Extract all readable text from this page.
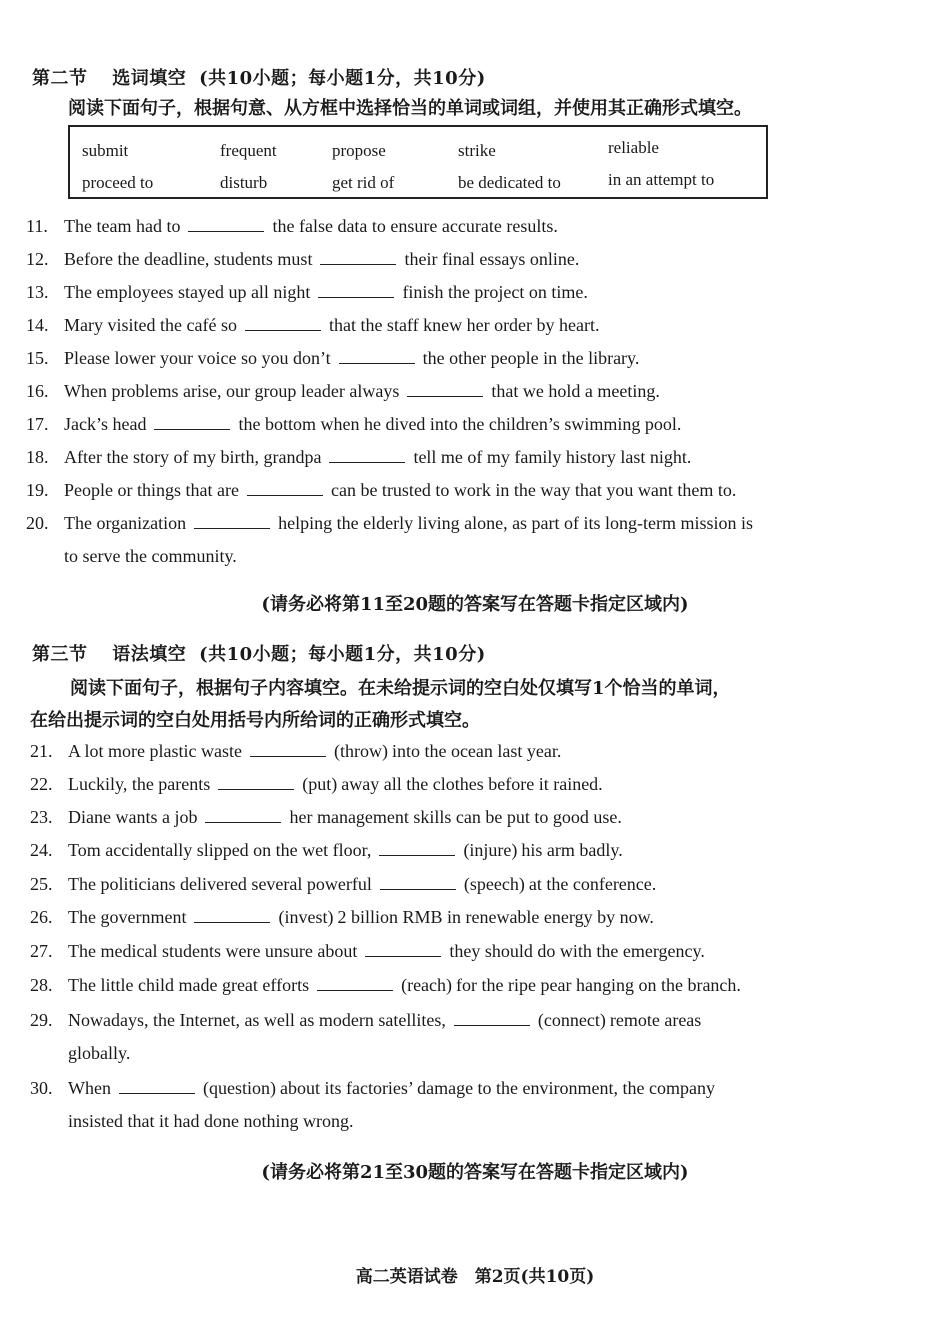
第二节 选词填空 (共10小题；每小题1分，共10分)
阅读下面句子，根据句意、从方框中选择恰当的单词或词组，并使用其正确形式填空。
submit	frequent	propose	strike	reliable
proceed to	disturb	get rid of	be dedicated to	in an attempt to
11. The team had to	the false data to ensure accurate results.
12. Before the deadline, students must	their final essays online.
13. The employees stayed up all night	finish the project on time.
14. Mary visited the café so	that the staff knew her order by heart.
15. Please lower your voice so you don’t	the other people in the library.
16. When problems arise, our group leader always	that we hold a meeting.
17. Jack’s head	the bottom when he dived into the children’s swimming pool.
18. After the story of my birth, grandpa	tell me of my family history last night.
19. People or things that are	can be trusted to work in the way that you want them to.
20. The organization	helping the elderly living alone, as part of its long-term mission is
to serve the community.
(请务必将第11至20题的答案写在答题卡指定区域内)
第三节 语法填空 (共10小题；每小题1分，共10分)
阅读下面句子，根据句子内容填空。在未给提示词的空白处仅填写1个恰当的单词，
在给出提示词的空白处用括号内所给词的正确形式填空。
21. A lot more plastic waste	(throw) into the ocean last year.
22. Luckily, the parents	(put) away all the clothes before it rained.
23. Diane wants a job	her management skills can be put to good use.
24. Tom accidentally slipped on the wet floor,	(injure) his arm badly.
25. The politicians delivered several powerful	(speech) at the conference.
26. The government	(invest) 2 billion RMB in renewable energy by now.
27. The medical students were unsure about	they should do with the emergency.
28. The little child made great efforts	(reach) for the ripe pear hanging on the branch.
29. Nowadays, the Internet, as well as modern satellites,	(connect) remote areas
globally.
30. When	(question) about its factories’ damage to the environment, the company
insisted that it had done nothing wrong.
(请务必将第21至30题的答案写在答题卡指定区域内)
高二英语试卷　第2页(共10页)
